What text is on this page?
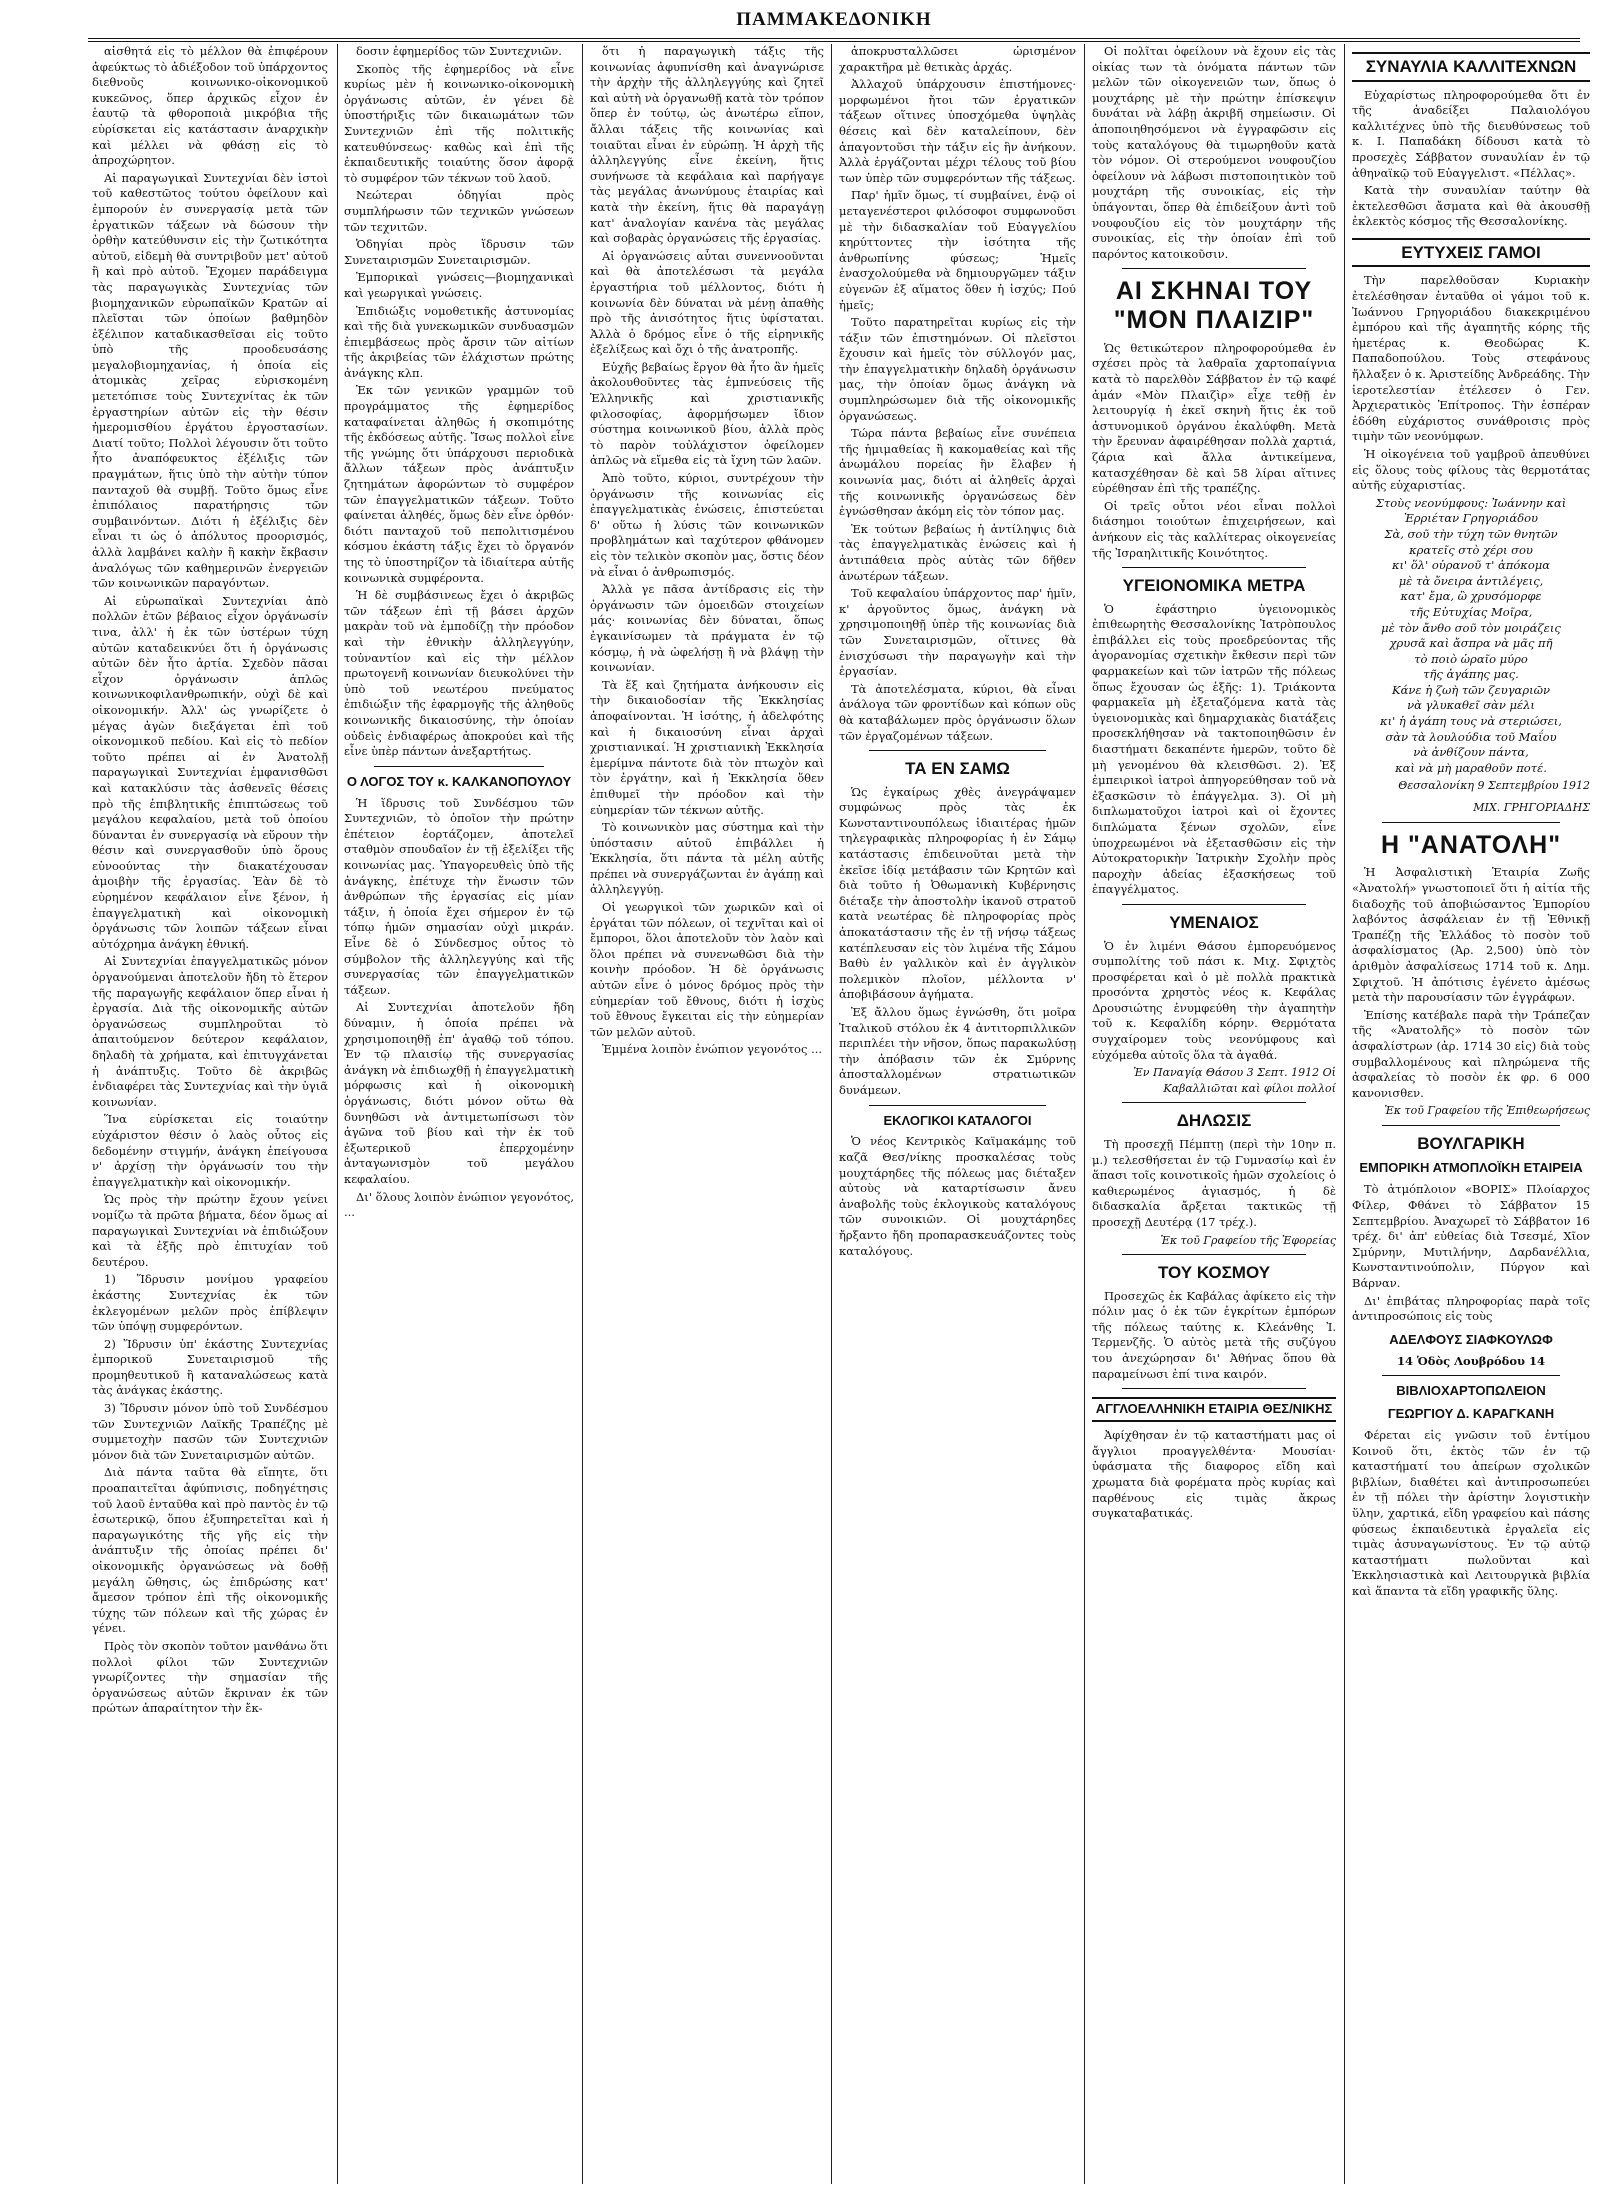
ΠΑΜΜΑΚΕΔΟΝΙΚΗ

αἰσθητά εἰς τὸ μέλλον θὰ ἐπιφέρουν ἀφεύκτως τὸ ἀδιέξοδον τοῦ ὑπάρχοντος διεθνοῦς κοινωνικο-οἰκονομικοῦ κυκεῶνος, ὅπερ ἀρχικῶς εἶχον ἐν ἑαυτῷ τὰ φθοροποιὰ μικρόβια τῆς εὑρίσκεται εἰς κατάστασιν ἀναρχικὴν καὶ μέλλει νὰ φθάσῃ εἰς τὸ ἀπροχώρητον.

Αἱ παραγωγικαὶ Συντεχνίαι δὲν ἰστοὶ τοῦ καθεστῶτος τούτου ὀφείλουν καὶ ἐμπορούν ἐν συνεργασίᾳ μετὰ τῶν ἐργατικῶν τάξεων νὰ δώσουν τὴν ὀρθὴν κατεύθυνσιν εἰς τὴν ζωτικότητα αὐτοῦ, εἰδεμὴ θὰ συντριβοῦν μετ' αὐτοῦ ἢ καὶ πρὸ αὐτοῦ. Ἔχομεν παράδειγμα τὰς παραγωγικὰς Συντεχνίας τῶν βιομηχανικῶν εὐρωπαϊκῶν Κρατῶν αἱ πλεῖσται τῶν ὁποίων βαθμηδὸν ἐξέλιπον καταδικασθεῖσαι εἰς τοῦτο ὑπὸ τῆς προοδευσάσης μεγαλοβιομηχανίας, ἡ ὁποία εἰς ἀτομικὰς χεῖρας εὑρισκομένη μετετόπισε τοὺς Συντεχνίτας ἐκ τῶν ἐργαστηρίων αὐτῶν εἰς τὴν θέσιν ἡμερομισθίου ἐργάτου ἐργοστασίων. Διατί τοῦτο; Πολλοὶ λέγουσιν ὅτι τοῦτο ἦτο ἀναπόφευκτος ἐξέλιξις τῶν πραγμάτων, ἥτις ὑπὸ τὴν αὐτὴν τύπον πανταχοῦ θὰ συμβῇ. Τοῦτο ὅμως εἶνε ἐπιπόλαιος παρατήρησις τῶν συμβαινόντων. Διότι ἡ ἐξέλιξις δὲν εἶναι τι ὡς ὁ ἀπόλυτος προορισμός, ἀλλὰ λαμβάνει καλὴν ἢ κακὴν ἔκβασιν ἀναλόγως τῶν καθημερινῶν ἐνεργειῶν τῶν κοινωνικῶν παραγόντων.

Αἱ εὐρωπαϊκαὶ Συντεχνίαι ἀπὸ πολλῶν ἐτῶν βέβαιος εἶχον ὀργάνωσίν τινα, ἀλλ' ἡ ἐκ τῶν ὑστέρων τύχη αὐτῶν καταδεικνύει ὅτι ἡ ὀργάνωσις αὐτῶν δὲν ἦτο ἀρτία. Σχεδὸν πᾶσαι εἶχον ὀργάνωσιν ἁπλῶς κοινωνικοφιλανθρωπικήν, οὐχὶ δὲ καὶ οἰκονομικήν. Ἀλλ' ὡς γνωρίζετε ὁ μέγας ἀγὼν διεξάγεται ἐπὶ τοῦ οἰκονομικοῦ πεδίου. Καὶ εἰς τὸ πεδίον τοῦτο πρέπει αἱ ἐν Ἀνατολῇ παραγωγικαὶ Συντεχνίαι ἐμφανισθῶσι καὶ κατακλύσιν τὰς ἀσθενεῖς θέσεις πρὸ τῆς ἐπιβλητικῆς ἐπιπτώσεως τοῦ μεγάλου κεφαλαίου, μετὰ τοῦ ὁποίου δύνανται ἐν συνεργασίᾳ νὰ εὕρουν τὴν θέσιν καὶ συνεργασθοῦν ὑπὸ ὅρους εὐνοούντας τὴν διακατέχουσαν ἀμοιβὴν τῆς ἐργασίας. Ἐὰν δὲ τὸ εὑρημένον κεφάλαιον εἶνε ξένον, ἡ ἐπαγγελματικὴ καὶ οἰκονομικὴ ὀργάνωσις τῶν λοιπῶν τάξεων εἶναι αὐτόχρημα ἀνάγκη ἐθνική.

Αἱ Συντεχνίαι ἐπαγγελματικῶς μόνον ὀργανούμεναι ἀποτελοῦν ἤδη τὸ ἕτερον τῆς παραγωγῆς κεφάλαιον ὅπερ εἶναι ἡ ἐργασία. Διὰ τῆς οἰκονομικῆς αὐτῶν ὀργανώσεως συμπληροῦται τὸ ἀπαιτούμενον δεύτερον κεφάλαιον, δηλαδὴ τὰ χρήματα, καὶ ἐπιτυγχάνεται ἡ ἀνάπτυξις. Τοῦτο δὲ ἀκριβῶς ἐνδιαφέρει τὰς Συντεχνίας καὶ τὴν ὑγιᾶ κοινωνίαν.

Ἵνα εὑρίσκεται εἰς τοιαύτην εὐχάριστον θέσιν ὁ λαὸς οὗτος εἰς δεδομένην στιγμήν, ἀνάγκη ἐπείγουσα ν' ἀρχίσῃ τὴν ὀργάνωσίν του τὴν ἐπαγγελματικὴν καὶ οἰκονομικήν.

Ὡς πρὸς τὴν πρώτην ἔχουν γείνει νομίζω τὰ πρῶτα βήματα, δέον ὅμως αἱ παραγωγικαὶ Συντεχνίαι νὰ ἐπιδιώξουν καὶ τὰ ἑξῆς πρὸ ἐπιτυχίαν τοῦ δευτέρου.

1) Ἵδρυσιν μονίμου γραφείου ἑκάστης Συντεχνίας ἐκ τῶν ἐκλεγομένων μελῶν πρὸς ἐπίβλεψιν τῶν ὑπόψῃ συμφερόντων.

2) Ἵδρυσιν ὑπ' ἑκάστης Συντεχνίας ἐμπορικοῦ Συνεταιρισμοῦ τῆς προμηθευτικοῦ ἢ καταναλώσεως κατὰ τὰς ἀνάγκας ἑκάστης.

3) Ἵδρυσιν μόνον ὑπὸ τοῦ Συνδέσμου τῶν Συντεχνιῶν Λαϊκῆς Τραπέζης μὲ συμμετοχὴν πασῶν τῶν Συντεχνιῶν μόνον διὰ τῶν Συνεταιρισμῶν αὐτῶν.

Διὰ πάντα ταῦτα θὰ εἴπητε, ὅτι προαπαιτεῖται ἀφύπνισις, ποδηγέτησις τοῦ λαοῦ ἐνταῦθα καὶ πρὸ παντὸς ἐν τῷ ἐσωτερικῷ, ὅπου ἐξυπηρετεῖται καὶ ἡ παραγωγικότης τῆς γῆς εἰς τὴν ἀνάπτυξιν τῆς ὁποίας πρέπει δι' οἰκονομικῆς ὀργανώσεως νὰ δοθῇ μεγάλη ὤθησις, ὡς ἐπιδρώσης κατ' ἄμεσον τρόπον ἐπὶ τῆς οἰκονομικῆς τύχης τῶν πόλεων καὶ τῆς χώρας ἐν γένει.

Πρὸς τὸν σκοπὸν τοῦτον μανθάνω ὅτι πολλοὶ φίλοι τῶν Συντεχνιῶν γνωρίζοντες τὴν σημασίαν τῆς ὀργανώσεως αὐτῶν ἔκριναν ἐκ τῶν πρώτων ἀπαραίτητον τὴν ἔκ-

δοσιν ἐφημερίδος τῶν Συντεχνιῶν.

Σκοπὸς τῆς ἐφημερίδος νὰ εἶνε κυρίως μὲν ἡ κοινωνικο-οἰκονομικὴ ὀργάνωσις αὐτῶν, ἐν γένει δὲ ὑποστήριξις τῶν δικαιωμάτων τῶν Συντεχνιῶν ἐπὶ τῆς πολιτικῆς κατευθύνσεως· καθὼς καὶ ἐπὶ τῆς ἐκπαιδευτικῆς τοιαύτης ὅσον ἀφορᾷ τὸ συμφέρον τῶν τέκνων τοῦ λαοῦ.

Νεώτεραι ὁδηγίαι πρὸς συμπλήρωσιν τῶν τεχνικῶν γνώσεων τῶν τεχνιτῶν.

Ὁδηγίαι πρὸς ἵδρυσιν τῶν Συνεταιρισμῶν Συνεταιρισμῶν.

Ἐμπορικαὶ γνώσεις—βιομηχανικαὶ καὶ γεωργικαὶ γνώσεις.

Ἐπιδιώξις νομοθετικῆς ἀστυνομίας καὶ τῆς διὰ γυνεκωμικῶν συνδυασμῶν ἐπιεμβάσεως πρὸς ἄρσιν τῶν αἰτίων τῆς ἀκριβείας τῶν ἐλάχιστων πρώτης ἀνάγκης κλπ.

Ἐκ τῶν γενικῶν γραμμῶν τοῦ προγράμματος τῆς ἐφημερίδος καταφαίνεται ἀληθῶς ἡ σκοπιμότης τῆς ἐκδόσεως αὐτῆς. Ἴσως πολλοὶ εἶνε τῆς γνώμης ὅτι ὑπάρχουσι περιοδικὰ ἄλλων τάξεων πρὸς ἀνάπτυξιν ζητημάτων ἀφορώντων τὸ συμφέρον τῶν ἐπαγγελματικῶν τάξεων. Τοῦτο φαίνεται ἀληθές, ὅμως δὲν εἶνε ὀρθόν· διότι πανταχοῦ τοῦ πεπολιτισμένου κόσμου ἑκάστη τάξις ἔχει τὸ ὄργανόν της τὸ ὑποστηρίζον τὰ ἰδιαίτερα αὐτῆς κοινωνικὰ συμφέροντα.

Ἡ δὲ συμβάσινεως ἔχει ὁ ἀκριβῶς τῶν τάξεων ἐπὶ τῇ βάσει ἀρχῶν μακρὰν τοῦ νὰ ἐμποδίζῃ τὴν πρόοδον καὶ τὴν ἐθνικὴν ἀλληλεγγύην, τοὐναντίον καὶ εἰς τὴν μέλλον πρωτογενῆ κοινωνίαν διευκολύνει τὴν ὑπὸ τοῦ νεωτέρου πνεύματος ἐπιδιώξιν τῆς ἐφαρμογῆς τῆς ἀληθοῦς κοινωνικῆς δικαιοσύνης, τὴν ὁποίαν οὐδεὶς ἐνδιαφέρως ἀποκρούει καὶ τῆς εἶνε ὑπὲρ πάντων ἀνεξαρτήτως.

Ο ΛΟΓΟΣ ΤΟΥ κ. ΚΑΛΚΑΝΟΠΟΥΛΟΥ

Ἡ ἵδρυσις τοῦ Συνδέσμου τῶν Συντεχνιῶν, τὸ ὁποῖον τὴν πρώτην ἐπέτειον ἑορτάζομεν, ἀποτελεῖ σταθμὸν σπουδαῖον ἐν τῇ ἐξελίξει τῆς κοινωνίας μας. Ὑπαγορευθεὶς ὑπὸ τῆς ἀνάγκης, ἐπέτυχε τὴν ἕνωσιν τῶν ἀνθρώπων τῆς ἐργασίας εἰς μίαν τάξιν, ἡ ὁποία ἔχει σήμερον ἐν τῷ τόπῳ ἡμῶν σημασίαν οὐχὶ μικράν. Εἶνε δὲ ὁ Σύνδεσμος οὗτος τὸ σύμβολον τῆς ἀλληλεγγύης καὶ τῆς συνεργασίας τῶν ἐπαγγελματικῶν τάξεων.

Αἱ Συντεχνίαι ἀποτελοῦν ἤδη δύναμιν, ἡ ὁποία πρέπει νὰ χρησιμοποιηθῇ ἐπ' ἀγαθῷ τοῦ τόπου. Ἐν τῷ πλαισίῳ τῆς συνεργασίας ἀνάγκη νὰ ἐπιδιωχθῇ ἡ ἐπαγγελματικὴ μόρφωσις καὶ ἡ οἰκονομικὴ ὀργάνωσις, διότι μόνον οὕτω θὰ δυνηθῶσι νὰ ἀντιμετωπίσωσι τὸν ἀγῶνα τοῦ βίου καὶ τὴν ἐκ τοῦ ἐξωτερικοῦ ἐπερχομένην ἀνταγωνισμὸν τοῦ μεγάλου κεφαλαίου.

Δι' ὅλους λοιπὸν ἐνώπιον γεγονότος, ...

ὅτι ἡ παραγωγικὴ τάξις τῆς κοινωνίας ἀφυπνίσθη καὶ ἀναγνώρισε τὴν ἀρχὴν τῆς ἀλληλεγγύης καὶ ζητεῖ καὶ αὐτὴ νὰ ὀργανωθῇ κατὰ τὸν τρόπον ὅπερ ἐν τούτῳ, ὡς ἀνωτέρω εἴπον, ἄλλαι τάξεις τῆς κοινωνίας καὶ τοιαῦται εἶναι ἐν εὐρώπῃ. Ἡ ἀρχὴ τῆς ἀλληλεγγύης εἶνε ἐκείνη, ἥτις συνήνωσε τὰ κεφάλαια καὶ παρήγαγε τὰς μεγάλας ἀνωνύμους ἑταιρίας καὶ κατὰ τὴν ἐκείνη, ἥτις θὰ παραγάγῃ κατ' ἀναλογίαν κανένα τὰς μεγάλας καὶ σοβαρὰς ὀργανώσεις τῆς ἐργασίας.

Αἱ ὀργανώσεις αὗται συνεννοοῦνται καὶ θὰ ἀποτελέσωσι τὰ μεγάλα ἐργαστήρια τοῦ μέλλοντος, διότι ἡ κοινωνία δὲν δύναται νὰ μένῃ ἀπαθὴς πρὸ τῆς ἀνισότητος ἥτις ὑφίσταται. Ἀλλὰ ὁ δρόμος εἶνε ὁ τῆς εἰρηνικῆς ἐξελίξεως καὶ ὄχι ὁ τῆς ἀνατροπῆς.

Εὐχῆς βεβαίως ἔργον θὰ ἦτο ἂν ἡμεῖς ἀκολουθοῦντες τὰς ἐμπνεύσεις τῆς Ἑλληνικῆς καὶ χριστιανικῆς φιλοσοφίας, ἀφορμήσωμεν ἴδιον σύστημα κοινωνικοῦ βίου, ἀλλὰ πρὸς τὸ παρὸν τοὐλάχιστον ὀφείλομεν ἁπλῶς νὰ εἴμεθα εἰς τὰ ἴχνη τῶν λαῶν.

Ἀπὸ τοῦτο, κύριοι, συντρέχουν τὴν ὀργάνωσιν τῆς κοινωνίας εἰς ἐπαγγελματικὰς ἑνώσεις, ἐπιστεύεται δ' οὕτω ἡ λύσις τῶν κοινωνικῶν προβλημάτων καὶ ταχύτερον φθάνομεν εἰς τὸν τελικὸν σκοπὸν μας, ὅστις δέον νὰ εἶναι ὁ ἀνθρωπισμός.

Ἀλλὰ γε πᾶσα ἀντίδρασις εἰς τὴν ὀργάνωσιν τῶν ὁμοειδῶν στοιχείων μάς· κοινωνίας δὲν δύναται, ὅπως ἐγκαινίσωμεν τὰ πράγματα ἐν τῷ κόσμῳ, ἡ νὰ ὠφελήσῃ ἢ νὰ βλάψῃ τὴν κοινωνίαν.

Τὰ ἕξ καὶ ζητήματα ἀνήκουσιν εἰς τὴν δικαιοδοσίαν τῆς Ἐκκλησίας ἀποφαίνονται. Ἡ ἰσότης, ἡ ἀδελφότης καὶ ἡ δικαιοσύνη εἶναι ἀρχαὶ χριστιανικαί. Ἡ χριστιανικὴ Ἐκκλησία ἐμερίμνα πάντοτε διὰ τὸν πτωχὸν καὶ τὸν ἐργάτην, καὶ ἡ Ἐκκλησία ὅθεν ἐπιθυμεῖ τὴν πρόοδον καὶ τὴν εὐημερίαν τῶν τέκνων αὐτῆς.

Τὸ κοινωνικὸν μας σύστημα καὶ τὴν ὑπόστασιν αὐτοῦ ἐπιβάλλει ἡ Ἐκκλησία, ὅτι πάντα τὰ μέλη αὐτῆς πρέπει νὰ συνεργάζωνται ἐν ἀγάπῃ καὶ ἀλληλεγγύῃ.

Οἱ γεωργικοὶ τῶν χωρικῶν καὶ οἱ ἐργάται τῶν πόλεων, οἱ τεχνῖται καὶ οἱ ἔμποροι, ὅλοι ἀποτελοῦν τὸν λαὸν καὶ ὅλοι πρέπει νὰ συνενωθῶσι διὰ τὴν κοινὴν πρόοδον. Ἡ δὲ ὀργάνωσις αὐτῶν εἶνε ὁ μόνος δρόμος πρὸς τὴν εὐημερίαν τοῦ ἔθνους, διότι ἡ ἰσχὺς τοῦ ἔθνους ἔγκειται εἰς τὴν εὐημερίαν τῶν μελῶν αὐτοῦ.

Ἐμμένα λοιπὸν ἐνώπιον γεγονότος ...

ἀποκρυσταλλῶσει ὡρισμένον χαρακτῆρα μὲ θετικὰς ἀρχάς.

Ἀλλαχοῦ ὑπάρχουσιν ἐπιστήμονες· μορφωμένοι ἤτοι τῶν ἐργατικῶν τάξεων οἵτινες ὑποσχόμεθα ὑψηλὰς θέσεις καὶ δὲν καταλείπουν, δὲν ἀπαγοντοῦσι τὴν τάξιν εἰς ἣν ἀνήκουν. Ἀλλὰ ἐργάζονται μέχρι τέλους τοῦ βίου των ὑπὲρ τῶν συμφερόντων τῆς τάξεως.

Παρ' ἡμῖν ὅμως, τί συμβαίνει, ἐνῷ οἱ μεταγενέστεροι φιλόσοφοι συμφωνοῦσι μὲ τὴν διδασκαλίαν τοῦ Εὐαγγελίου κηρύττοντες τὴν ἰσότητα τῆς ἀνθρωπίνης φύσεως; Ἡμεῖς ἐνασχολούμεθα νὰ δημιουργῶμεν τάξιν εὐγενῶν ἐξ αἵματος ὅθεν ἡ ἰσχύς; Πού ἡμεῖς;

Τοῦτο παρατηρεῖται κυρίως εἰς τὴν τάξιν τῶν ἐπιστημόνων. Οἱ πλεῖστοι ἔχουσιν καὶ ἡμεῖς τὸν σύλλογόν μας, τὴν ἐπαγγελματικὴν δηλαδὴ ὀργάνωσιν μας, τὴν ὁποίαν ὅμως ἀνάγκη νὰ συμπληρώσωμεν διὰ τῆς οἰκονομικῆς ὀργανώσεως.

Τώρα πάντα βεβαίως εἶνε συνέπεια τῆς ἡμιμαθείας ἢ κακομαθείας καὶ τῆς ἀνωμάλου πορείας ἣν ἔλαβεν ἡ κοινωνία μας, διότι αἱ ἀληθεῖς ἀρχαὶ τῆς κοινωνικῆς ὀργανώσεως δὲν ἐγνώσθησαν ἀκόμη εἰς τὸν τόπον μας.

Ἐκ τούτων βεβαίως ἡ ἀντίληψις διὰ τὰς ἐπαγγελματικὰς ἑνώσεις καὶ ἡ ἀντιπάθεια πρὸς αὐτὰς τῶν δῆθεν ἀνωτέρων τάξεων.

Τοῦ κεφαλαίου ὑπάρχοντος παρ' ἡμῖν, κ' ἀργοῦντος ὅμως, ἀνάγκη νὰ χρησιμοποιηθῇ ὑπὲρ τῆς κοινωνίας διὰ τῶν Συνεταιρισμῶν, οἵτινες θὰ ἐνισχύσωσι τὴν παραγωγὴν καὶ τὴν ἐργασίαν.

Τὰ ἀποτελέσματα, κύριοι, θὰ εἶναι ἀνάλογα τῶν φροντίδων καὶ κόπων οὓς θὰ καταβάλωμεν πρὸς ὀργάνωσιν ὅλων τῶν ἐργαζομένων τάξεων.

ΤΑ ΕΝ ΣΑΜΩ

Ὡς ἐγκαίρως χθὲς ἀνεγράψαμεν συμφώνως πρὸς τὰς ἐκ Κωνσταντινουπόλεως ἰδιαιτέρας ἡμῶν τηλεγραφικὰς πληροφορίας ἡ ἐν Σάμῳ κατάστασις ἐπιδεινοῦται μετὰ τὴν ἐκεῖσε ἰδίᾳ μετάβασιν τῶν Κρητῶν καὶ διὰ τοῦτο ἡ Ὀθωμανικὴ Κυβέρνησις διέταξε τὴν ἀποστολὴν ἱκανοῦ στρατοῦ κατὰ νεωτέρας δὲ πληροφορίας πρὸς ἀποκατάστασιν τῆς ἐν τῇ νήσῳ τάξεως κατέπλευσαν εἰς τὸν λιμένα τῆς Σάμου Βαθὺ ἐν γαλλικὸν καὶ ἐν ἀγγλικὸν πολεμικὸν πλοῖον, μέλλοντα ν' ἀποβιβάσουν ἀγήματα.

Ἐξ ἄλλου ὅμως ἐγνώσθη, ὅτι μοῖρα Ἰταλικοῦ στόλου ἐκ 4 ἀντιτορπιλλικῶν περιπλέει τὴν νῆσον, ὅπως παρακωλύσῃ τὴν ἀπόβασιν τῶν ἐκ Σμύρνης ἀποσταλλομένων στρατιωτικῶν δυνάμεων.

ΕΚΛΟΓΙΚΟΙ ΚΑΤΑΛΟΓΟΙ

Ὁ νέος Κεντρικὸς Καϊμακάμης τοῦ καζᾶ Θεσ/νίκης προσκαλέσας τοὺς μουχτάρηδες τῆς πόλεως μας διέταξεν αὐτοὺς νὰ καταρτίσωσιν ἄνευ ἀναβολῆς τοὺς ἐκλογικοὺς καταλόγους τῶν συνοικιῶν. Οἱ μουχτάρηδες ἤρξαντο ἤδη προπαρασκευάζοντες τοὺς καταλόγους.

Οἱ πολῖται ὀφείλουν νὰ ἔχουν εἰς τὰς οἰκίας των τὰ ὀνόματα πάντων τῶν μελῶν τῶν οἰκογενειῶν των, ὅπως ὁ μουχτάρης μὲ τὴν πρώτην ἐπίσκεψιν δυνάται νὰ λάβῃ ἀκριβῆ σημείωσιν. Οἱ ἀποποιηθησόμενοι νὰ ἐγγραφῶσιν εἰς τοὺς καταλόγους θὰ τιμωρηθοῦν κατὰ τὸν νόμον. Οἱ στερούμενοι νουφουζίου ὀφείλουν νὰ λάβωσι πιστοποιητικὸν τοῦ μουχτάρη τῆς συνοικίας, εἰς τὴν ὑπάγονται, ὅπερ θὰ ἐπιδείξουν ἀντὶ τοῦ νουφουζίου εἰς τὸν μουχτάρην τῆς συνοικίας, εἰς τὴν ὁποίαν ἐπὶ τοῦ παρόντος κατοικοῦσιν.

ΑΙ ΣΚΗΝΑΙ ΤΟΥ "ΜΟΝ ΠΛΑΙΖΙΡ"

Ὡς θετικώτερον πληροφορούμεθα ἐν σχέσει πρὸς τὰ λαθραῖα χαρτοπαίγνια κατὰ τὸ παρελθὸν Σάββατον ἐν τῷ καφέ ἀμάν «Μὸν Πλαιζὶρ» εἶχε τεθῇ ἐν λειτουργίᾳ ἡ ἐκεῖ σκηνὴ ἥτις ἐκ τοῦ ἀστυνομικοῦ ὀργάνου ἐκαλύφθη. Μετὰ τὴν ἔρευναν ἀφαιρέθησαν πολλὰ χαρτιά, ζάρια καὶ ἄλλα ἀντικείμενα, κατασχέθησαν δὲ καὶ 58 λίραι αἵτινες εὑρέθησαν ἐπὶ τῆς τραπέζης.

Οἱ τρεῖς οὗτοι νέοι εἶναι πολλοὶ διάσημοι τοιούτων ἐπιχειρήσεων, καὶ ἀνήκουν εἰς τὰς καλλίτερας οἰκογενείας τῆς Ἰσραηλιτικῆς Κοινότητος.

ΥΓΕΙΟΝΟΜΙΚΑ ΜΕΤΡΑ

Ὁ ἐφάστηριο ὑγειονομικὸς ἐπιθεωρητὴς Θεσσαλονίκης Ἰατρὸπουλος ἐπιβάλλει εἰς τοὺς προεδρεύοντας τῆς ἀγορανομίας σχετικὴν ἔκθεσιν περὶ τῶν φαρμακείων καὶ τῶν ἰατρῶν τῆς πόλεως ὅπως ἔχουσαν ὡς ἑξῆς: 1). Τριάκοντα φαρμακεῖα μὴ ἐξεταζόμενα κατὰ τὰς ὑγειονομικὰς καὶ δημαρχιακὰς διατάξεις προσεκλήθησαν νὰ τακτοποιηθῶσιν ἐν διαστήματι δεκαπέντε ἡμερῶν, τοῦτο δὲ μὴ γενομένου θὰ κλεισθῶσι. 2). Ἐξ ἐμπειρικοὶ ἰατροὶ ἀπηγορεύθησαν τοῦ νὰ ἐξασκῶσιν τὸ ἐπάγγελμα. 3). Οἱ μὴ διπλωματοῦχοι ἰατροὶ καὶ οἱ ἔχοντες διπλώματα ξένων σχολῶν, εἶνε ὑποχρεωμένοι νὰ ἐξετασθῶσιν εἰς τὴν Αὐτοκρατορικὴν Ἰατρικὴν Σχολὴν πρὸς παροχὴν ἀδείας ἐξασκήσεως τοῦ ἐπαγγέλματος.

ΥΜΕΝΑΙΟΣ

Ὁ ἐν λιμένι Θάσου ἐμπορευόμενος συμπολίτης τοῦ πάσι κ. Μιχ. Σφιχτὸς προσφέρεται καὶ ὁ μὲ πολλὰ πρακτικὰ προσόντα χρηστὸς νέος κ. Κεφάλας Δρουσιώτης ἐνυμφεύθη τὴν ἀγαπητὴν τοῦ κ. Κεφαλίδη κόρην. Θερμότατα συγχαίρομεν τοὺς νεονύμφους καὶ εὐχόμεθα αὐτοῖς ὅλα τὰ ἀγαθά.

Ἐν Παναγίᾳ Θάσου 3 Σεπτ. 1912 Οἱ Καβαλλιῶται καὶ φίλοι πολλοί
ΔΗΛΩΣΙΣ

Τὴ προσεχῇ Πέμπτῃ (περὶ τὴν 10ην π. μ.) τελεσθήσεται ἐν τῷ Γυμνασίῳ καὶ ἐν ἅπασι τοῖς κοινοτικοῖς ἡμῶν σχολείοις ὁ καθιερωμένος ἁγιασμός, ἡ δὲ διδασκαλία ἄρξεται τακτικῶς τῇ προσεχῇ Δευτέρᾳ (17 τρέχ.).

Ἐκ τοῦ Γραφείου τῆς Ἐφορείας
ΤΟΥ ΚΟΣΜΟΥ

Προσεχῶς ἐκ Καβάλας ἀφίκετο εἰς τὴν πόλιν μας ὁ ἐκ τῶν ἐγκρίτων ἐμπόρων τῆς πόλεως ταύτης κ. Κλεάνθης Ἰ. Τερμενζῆς. Ὁ αὐτὸς μετὰ τῆς συζύγου του ἀνεχώρησαν δι' Ἀθήνας ὅπου θὰ παραμείνωσι ἐπί τινα καιρόν.

ΑΓΓΛΟΕΛΛΗΝΙΚΗ ΕΤΑΙΡΙΑ ΘΕΣ/ΝΙΚΗΣ

Ἀφίχθησαν ἐν τῷ καταστήματι μας οἱ ἄγγλιοι προαγγελθέντα· Μουσίαι· ὑφάσματα τῆς διαφορος εἴδη καὶ χρωματα διὰ φορέματα πρὸς κυρίας καὶ παρθένους εἰς τιμὰς ἄκρως συγκαταβατικάς.

ΣΥΝΑΥΛΙΑ ΚΑΛΛΙΤΕΧΝΩΝ

Εὐχαρίστως πληροφορούμεθα ὅτι ἐν τῆς ἀναδείξει Παλαιολόγου καλλιτέχνες ὑπὸ τῆς διευθύνσεως τοῦ κ. Ι. Παπαδάκη δίδουσι κατὰ τὸ προσεχὲς Σάββατον συναυλίαν ἐν τῷ ἀθηναϊκῷ τοῦ Εὐαγγελιστ. «Πέλλας».

Κατὰ τὴν συναυλίαν ταύτην θὰ ἐκτελεσθῶσι ἄσματα καὶ θὰ ἀκουσθῇ ἐκλεκτὸς κόσμος τῆς Θεσσαλονίκης.

ΕΥΤΥΧΕΙΣ ΓΑΜΟΙ

Τὴν παρελθοῦσαν Κυριακὴν ἐτελέσθησαν ἐνταῦθα οἱ γάμοι τοῦ κ. Ἰωάννου Γρηγοριάδου διακεκριμένου ἐμπόρου καὶ τῆς ἀγαπητῆς κόρης τῆς ἡμετέρας κ. Θεοδώρας Κ. Παπαδοπούλου. Τοὺς στεφάνους ἤλλαξεν ὁ κ. Ἀριστείδης Ἀνδρεάδης. Τὴν ἱεροτελεστίαν ἐτέλεσεν ὁ Γεν. Ἀρχιερατικὸς Ἐπίτροπος. Τὴν ἑσπέραν ἐδόθη εὐχάριστος συνάθροισις πρὸς τιμὴν τῶν νεονύμφων.

Ἡ οἰκογένεια τοῦ γαμβροῦ ἀπευθύνει εἰς ὅλους τοὺς φίλους τὰς θερμοτάτας αὐτῆς εὐχαριστίας.

Στοὺς νεονύμφους: Ἰωάννην καὶ Ἐρριέταν Γρηγοριάδου

Σὰ, σοῦ τὴν τύχη τῶν θνητῶν

κρατεῖς στὸ χέρι σου

κι' ὅλ' οὐρανοῦ τ' ἀπόκομα

μὲ τὰ ὄνειρα ἀντιλέγεις,

κατ' ἔμα, ὢ χρυσόμορφε

τῆς Εὐτυχίας Μοῖρα,

μὲ τὸν ἄνθο σοῦ τὸν μοιράζεις

χρυσᾶ καὶ ἄσπρα νὰ μᾶς πῆ

τὸ ποιὸ ὡραῖο μύρο

τῆς ἀγάπης μας.

Κάνε ἡ ζωὴ τῶν ζευγαριῶν

νὰ γλυκαθεῖ σὰν μέλι

κι' ἡ ἀγάπη τους νὰ στεριώσει,

σὰν τὰ λουλούδια τοῦ Μαΐου

νὰ ἀνθίζουν πάντα,

καὶ νὰ μὴ μαραθοῦν ποτέ.

Θεσσαλονίκη 9 Σεπτεμβρίου 1912
ΜΙΧ. ΓΡΗΓΟΡΙΑΔΗΣ
Η "ΑΝΑΤΟΛΗ"

Ἡ Ἀσφαλιστικὴ Ἑταιρία Ζωῆς «Ἀνατολή» γνωστοποιεῖ ὅτι ἡ αἰτία τῆς διαδοχῆς τοῦ ἀποβιώσαντος Ἐμπορίου λαβόντος ἀσφάλειαν ἐν τῇ Ἐθνικῇ Τραπέζῃ τῆς Ἑλλάδος τὸ ποσὸν τοῦ ἀσφαλίσματος (Ἀρ. 2,500) ὑπὸ τὸν ἀριθμὸν ἀσφαλίσεως 1714 τοῦ κ. Δημ. Σφιχτοῦ. Ἡ ἀπότισις ἐγένετο ἀμέσως μετὰ τὴν παρουσίασιν τῶν ἐγγράφων.

Ἐπίσης κατέβαλε παρὰ τὴν Τράπεζαν τῆς «Ἀνατολῆς» τὸ ποσὸν τῶν ἀσφαλίστρων (ἀρ. 1714 30 εἰς) διὰ τοὺς συμβαλλομένους καὶ πληρώμενα τῆς ἀσφαλείας τὸ ποσὸν ἐκ φρ. 6 000 κανονισθεν.

Ἐκ τοῦ Γραφείου τῆς Ἐπιθεωρήσεως
ΒΟΥΛΓΑΡΙΚΗ
ΕΜΠΟΡΙΚΗ ΑΤΜΟΠΛΟΪΚΗ ΕΤΑΙΡΕΙΑ

Τὸ ἀτμόπλοιον «ΒΟΡΙΣ» Πλοίαρχος Φίλερ, Φθάνει τὸ Σάββατον 15 Σεπτεμβρίου. Ἀναχωρεῖ τὸ Σάββατον 16 τρέχ. δι' ἀπ' εὐθείας διὰ Τσεσμέ, Χῖον Σμύρνην, Μυτιλήνην, Δαρδανέλλια, Κωνσταντινούπολιν, Πύργον καὶ Βάρναν.

Δι' ἐπιβάτας πληροφορίας παρὰ τοῖς ἀντιπροσώποις εἰς τοὺς

ΑΔΕΛΦΟΥΣ ΣΙΑΦΚΟΥΛΩΦ

14 Ὁδὸς Λουβρόδου 14

ΒΙΒΛΙΟΧΑΡΤΟΠΩΛΕΙΟΝ
ΓΕΩΡΓΙΟΥ Δ. ΚΑΡΑΓΚΑΝΗ

Φέρεται εἰς γνῶσιν τοῦ ἐντίμου Κοινοῦ ὅτι, ἐκτὸς τῶν ἐν τῷ καταστήματί του ἀπείρων σχολικῶν βιβλίων, διαθέτει καὶ ἀντιπροσωπεύει ἐν τῇ πόλει τὴν ἀρίστην λογιστικὴν ὕλην, χαρτικά, εἴδη γραφείου καὶ πάσης φύσεως ἐκπαιδευτικὰ ἐργαλεῖα εἰς τιμὰς ἀσυναγωνίστους. Ἐν τῷ αὐτῷ καταστήματι πωλοῦνται καὶ Ἐκκλησιαστικὰ καὶ Λειτουργικὰ βιβλία καὶ ἅπαντα τὰ εἴδη γραφικῆς ὕλης.
